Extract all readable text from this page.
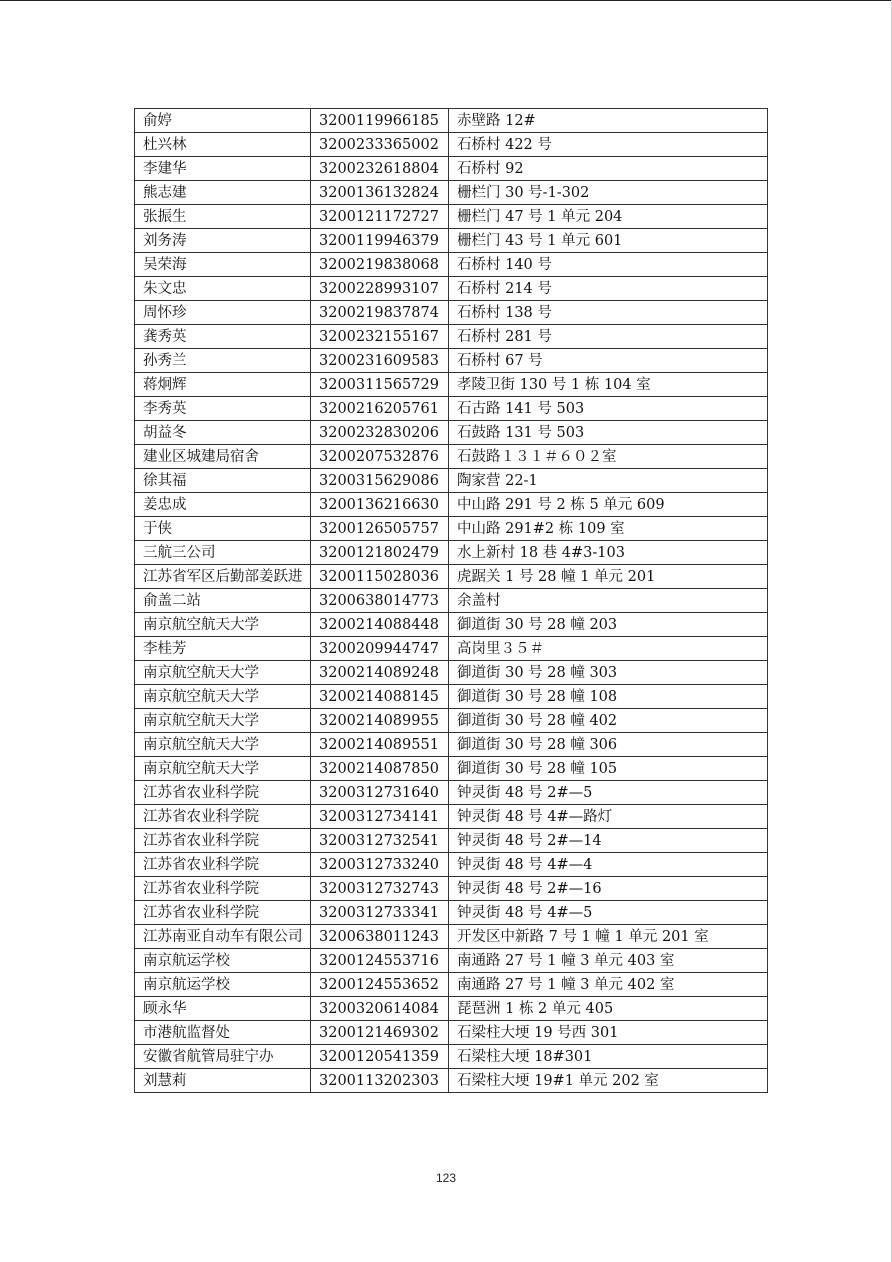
俞婷	3200119966185	赤壁路 12#
杜兴林	3200233365002	石桥村 422 号
李建华	3200232618804	石桥村 92
熊志建	3200136132824	栅栏门 30 号-1-302
张振生	3200121172727	栅栏门 47 号 1 单元 204
刘务涛	3200119946379	栅栏门 43 号 1 单元 601
吴荣海	3200219838068	石桥村 140 号
朱文忠	3200228993107	石桥村 214 号
周怀珍	3200219837874	石桥村 138 号
龚秀英	3200232155167	石桥村 281 号
孙秀兰	3200231609583	石桥村 67 号
蒋炯辉	3200311565729	孝陵卫街 130 号 1 栋 104 室
李秀英	3200216205761	石古路 141 号 503
胡益冬	3200232830206	石鼓路 131 号 503
建业区城建局宿舍	3200207532876	石鼓路１３１＃６０２室
徐其福	3200315629086	陶家营 22-1
姜忠成	3200136216630	中山路 291 号 2 栋 5 单元 609
于侠	3200126505757	中山路 291#2 栋 109 室
三航三公司	3200121802479	水上新村 18 巷 4#3-103
江苏省军区后勤部姜跃进	3200115028036	虎踞关 1 号 28 幢 1 单元 201
俞盖二站	3200638014773	余盖村
南京航空航天大学	3200214088448	御道街 30 号 28 幢 203
李桂芳	3200209944747	高岗里３５＃
南京航空航天大学	3200214089248	御道街 30 号 28 幢 303
南京航空航天大学	3200214088145	御道街 30 号 28 幢 108
南京航空航天大学	3200214089955	御道街 30 号 28 幢 402
南京航空航天大学	3200214089551	御道街 30 号 28 幢 306
南京航空航天大学	3200214087850	御道街 30 号 28 幢 105
江苏省农业科学院	3200312731640	钟灵街 48 号 2#—5
江苏省农业科学院	3200312734141	钟灵街 48 号 4#—路灯
江苏省农业科学院	3200312732541	钟灵街 48 号 2#—14
江苏省农业科学院	3200312733240	钟灵街 48 号 4#—4
江苏省农业科学院	3200312732743	钟灵街 48 号 2#—16
江苏省农业科学院	3200312733341	钟灵街 48 号 4#—5
江苏南亚自动车有限公司	3200638011243	开发区中新路 7 号 1 幢 1 单元 201 室
南京航运学校	3200124553716	南通路 27 号 1 幢 3 单元 403 室
南京航运学校	3200124553652	南通路 27 号 1 幢 3 单元 402 室
顾永华	3200320614084	琵琶洲 1 栋 2 单元 405
市港航监督处	3200121469302	石梁柱大埂 19 号西 301
安徽省航管局驻宁办	3200120541359	石梁柱大埂 18#301
刘慧莉	3200113202303	石梁柱大埂 19#1 单元 202 室
123
